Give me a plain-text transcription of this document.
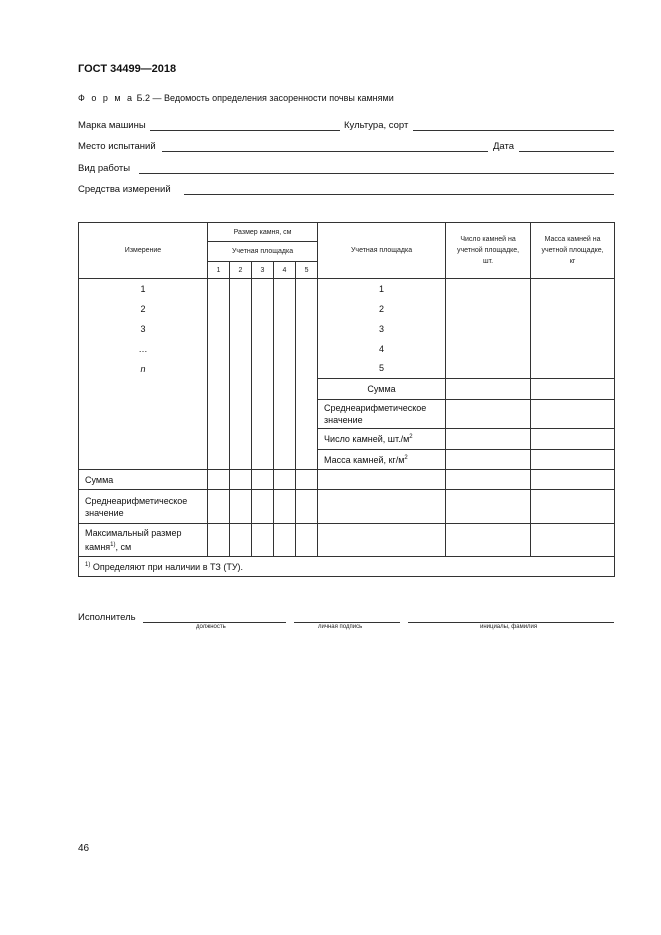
ГОСТ 34499—2018
Ф о р м а Б.2 — Ведомость определения засоренности почвы камнями
Марка машины	Культура, сорт
Место испытаний	Дата
Вид работы
Средства измерений
Измерение	Размер камня, см					Учетная площадка	Число камней на учетной площадке, шт.	Масса камней на учетной площадке, кг
	Учетная площадка							
	1	2	3	4	5			
1						1		
2						2		
3						3		
…						4		
n						5		
						Сумма		
						Среднеарифметическое значение		
						Число камней, $шт./м^2$		
						Масса камней, $кг/м^2$		
Сумма								
Среднеарифметическое значение								
Максимальный размер камня$^{1)}$, см								
$^{1)}$ Определяют при наличии в ТЗ (ТУ).								
Исполнитель
должность	личная подпись	инициалы, фамилия
46
